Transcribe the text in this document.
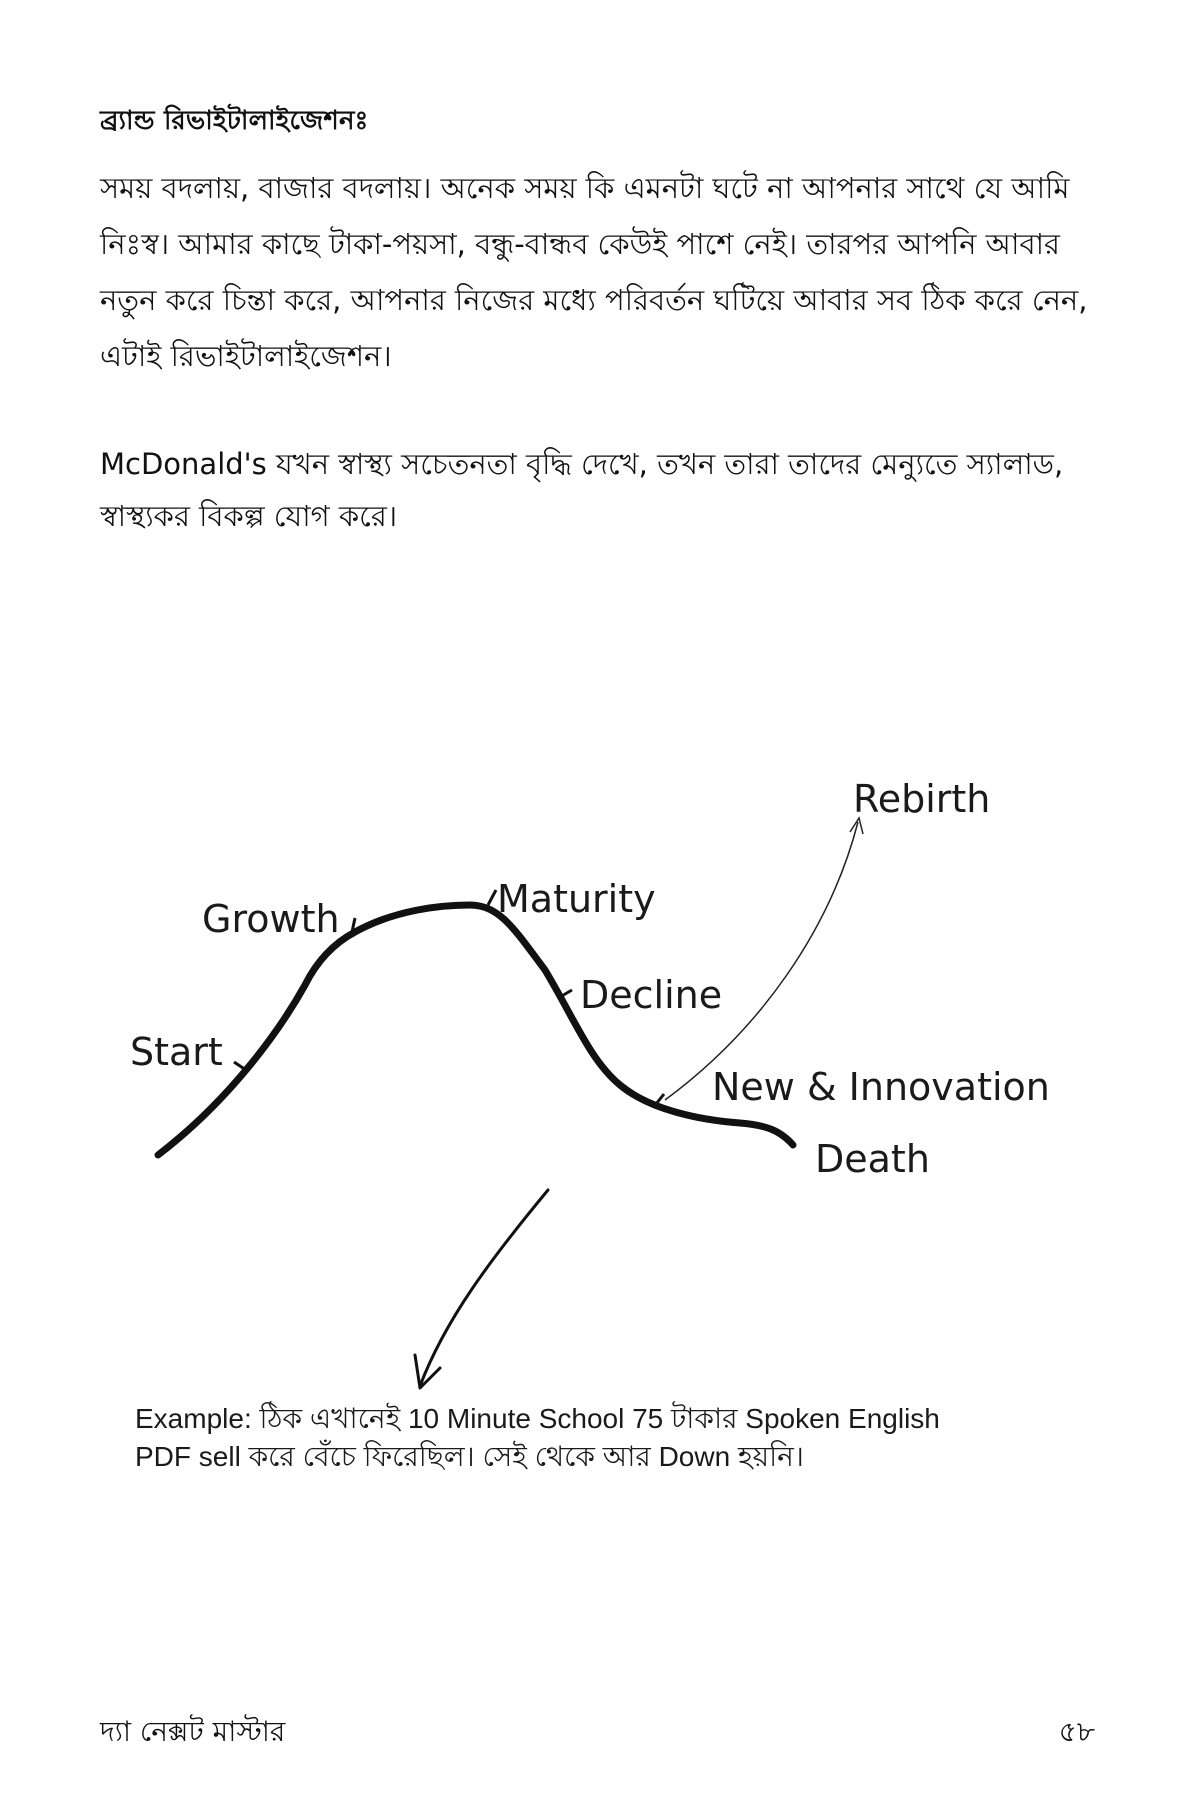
ব্র্যান্ড রিভাইটালাইজেশনঃ

সময় বদলায়, বাজার বদলায়। অনেক সময় কি এমনটা ঘটে না আপনার সাথে যে আমি নিঃস্ব। আমার কাছে টাকা-পয়সা, বন্ধু-বান্ধব কেউই পাশে নেই। তারপর আপনি আবার নতুন করে চিন্তা করে, আপনার নিজের মধ্যে পরিবর্তন ঘটিয়ে আবার সব ঠিক করে নেন, এটাই রিভাইটালাইজেশন।

McDonald's যখন স্বাস্থ্য সচেতনতা বৃদ্ধি দেখে, তখন তারা তাদের মেন্যুতে স্যালাড, স্বাস্থ্যকর বিকল্প যোগ করে।

Start
Growth	Maturity
Decline
New & Innovation
Death
Rebirth
Example: ঠিক এখানেই 10 Minute School 75 টাকার Spoken English
PDF sell করে বেঁচে ফিরেছিল। সেই থেকে আর Down হয়নি।
দ্যা নেক্সট মাস্টার	৫৮
